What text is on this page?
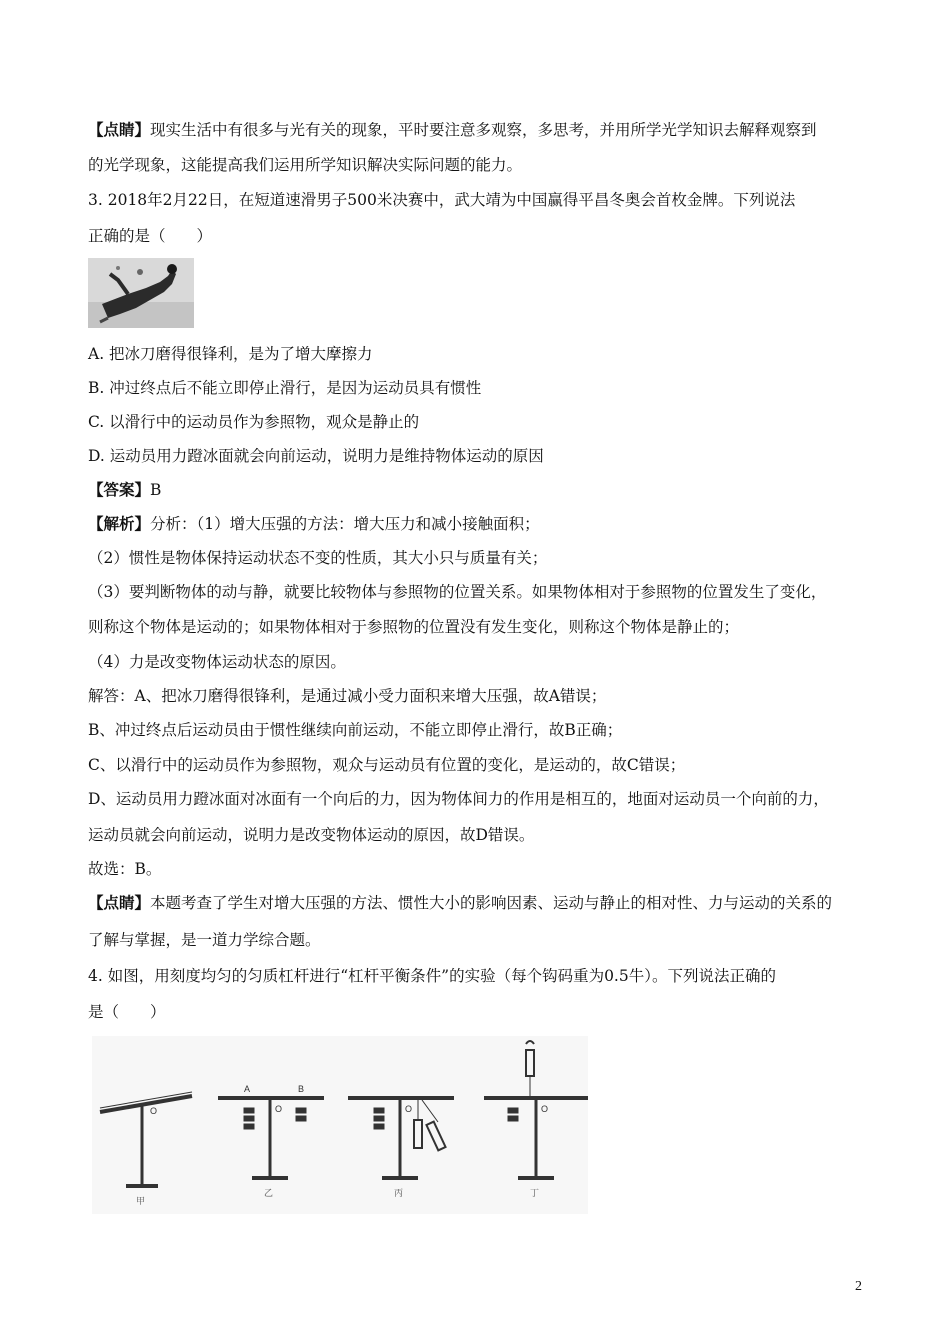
【点睛】现实生活中有很多与光有关的现象，平时要注意多观察，多思考，并用所学光学知识去解释观察到
的光学现象，这能提高我们运用所学知识解决实际问题的能力。
3. 2018年2月22日，在短道速滑男子500米决赛中，武大靖为中国赢得平昌冬奥会首枚金牌。下列说法
正确的是（　　）
A. 把冰刀磨得很锋利，是为了增大摩擦力
B. 冲过终点后不能立即停止滑行，是因为运动员具有惯性
C. 以滑行中的运动员作为参照物，观众是静止的
D. 运动员用力蹬冰面就会向前运动，说明力是维持物体运动的原因
【答案】B
【解析】分析：（1）增大压强的方法：增大压力和减小接触面积；
（2）惯性是物体保持运动状态不变的性质，其大小只与质量有关；
（3）要判断物体的动与静，就要比较物体与参照物的位置关系。如果物体相对于参照物的位置发生了变化，
则称这个物体是运动的；如果物体相对于参照物的位置没有发生变化，则称这个物体是静止的；
（4）力是改变物体运动状态的原因。
解答：A、把冰刀磨得很锋利，是通过减小受力面积来增大压强，故A错误；
B、冲过终点后运动员由于惯性继续向前运动，不能立即停止滑行，故B正确；
C、以滑行中的运动员作为参照物，观众与运动员有位置的变化，是运动的，故C错误；
D、运动员用力蹬冰面对冰面有一个向后的力，因为物体间力的作用是相互的，地面对运动员一个向前的力，
运动员就会向前运动，说明力是改变物体运动的原因，故D错误。
故选：B。
【点睛】本题考查了学生对增大压强的方法、惯性大小的影响因素、运动与静止的相对性、力与运动的关系的
了解与掌握，是一道力学综合题。
4. 如图，用刻度均匀的匀质杠杆进行“杠杆平衡条件”的实验（每个钩码重为0.5牛）。下列说法正确的
是（　　）
O
甲
A	B
O
乙
O
丙
O
丁
2
